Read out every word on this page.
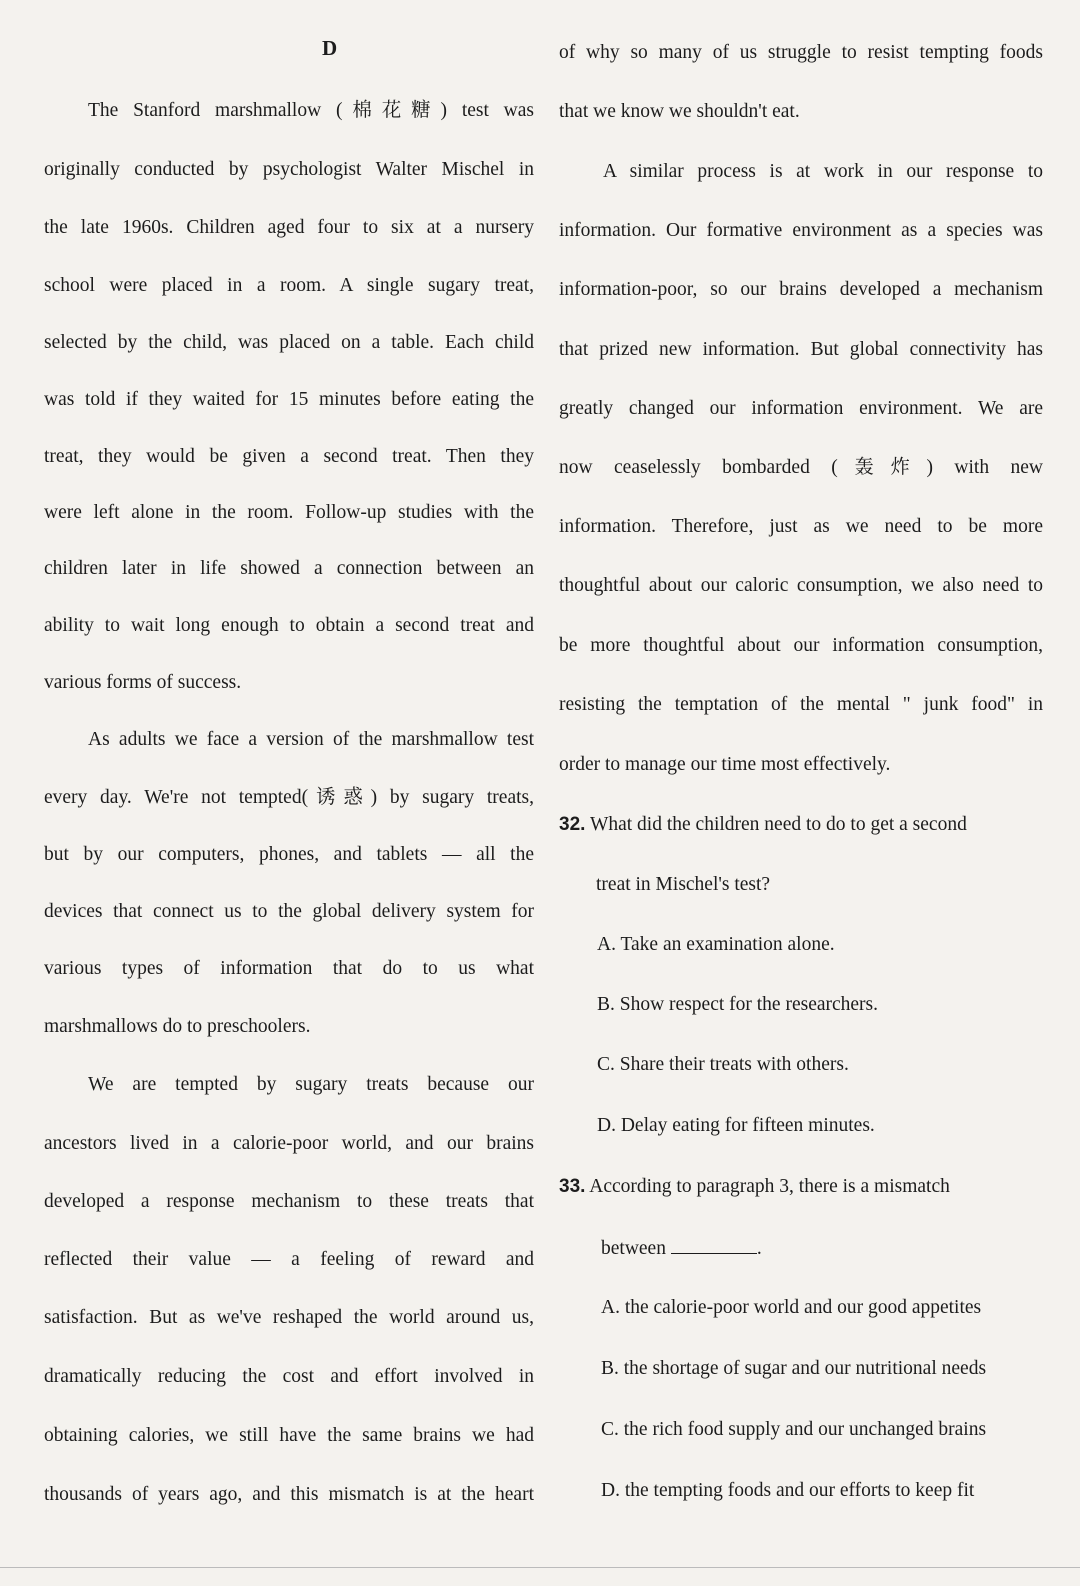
D
The Stanford marshmallow (棉花糖) test was
originally conducted by psychologist Walter Mischel in
the late 1960s. Children aged four to six at a nursery
school were placed in a room. A single sugary treat,
selected by the child, was placed on a table. Each child
was told if they waited for 15 minutes before eating the
treat, they would be given a second treat. Then they
were left alone in the room. Follow-up studies with the
children later in life showed a connection between an
ability to wait long enough to obtain a second treat and
various forms of success.
As adults we face a version of the marshmallow test
every day. We're not tempted(诱惑) by sugary treats,
but by our computers, phones, and tablets — all the
devices that connect us to the global delivery system for
various types of information that do to us what
marshmallows do to preschoolers.
We are tempted by sugary treats because our
ancestors lived in a calorie-poor world, and our brains
developed a response mechanism to these treats that
reflected their value — a feeling of reward and
satisfaction. But as we've reshaped the world around us,
dramatically reducing the cost and effort involved in
obtaining calories, we still have the same brains we had
thousands of years ago, and this mismatch is at the heart
of why so many of us struggle to resist tempting foods
that we know we shouldn't eat.
A similar process is at work in our response to
information. Our formative environment as a species was
information-poor, so our brains developed a mechanism
that prized new information. But global connectivity has
greatly changed our information environment. We are
now ceaselessly bombarded (轰炸) with new
information. Therefore, just as we need to be more
thoughtful about our caloric consumption, we also need to
be more thoughtful about our information consumption,
resisting the temptation of the mental " junk food" in
order to manage our time most effectively.
32. What did the children need to do to get a second
treat in Mischel's test?
A. Take an examination alone.
B. Show respect for the researchers.
C. Share their treats with others.
D. Delay eating for fifteen minutes.
33. According to paragraph 3, there is a mismatch
between	.
A. the calorie-poor world and our good appetites
B. the shortage of sugar and our nutritional needs
C. the rich food supply and our unchanged brains
D. the tempting foods and our efforts to keep fit
